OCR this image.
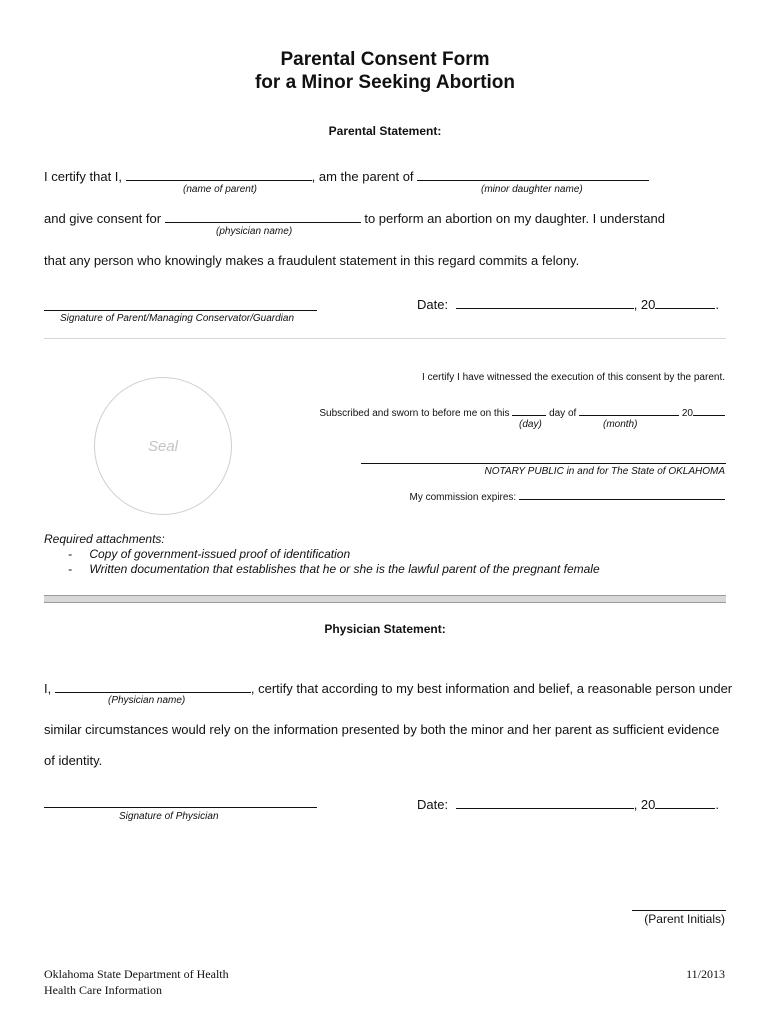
Parental Consent Form
for a Minor Seeking Abortion
Parental Statement:
I certify that I,	, am the parent of
(name of parent)	(minor daughter name)
and give consent for	to perform an abortion on my daughter. I understand
(physician name)
that any person who knowingly makes a fraudulent statement in this regard commits a felony.
Signature of Parent/Managing Conservator/Guardian
Date:	, 20	.
Seal
I certify I have witnessed the execution of this consent by the parent.
Subscribed and sworn to before me on this	day of	20
(day)	(month)
NOTARY PUBLIC in and for The State of OKLAHOMA
My commission expires:
Required attachments:
- Copy of government-issued proof of identification
- Written documentation that establishes that he or she is the lawful parent of the pregnant female
Physician Statement:
I,	, certify that according to my best information and belief, a reasonable person under
(Physician name)
similar circumstances would rely on the information presented by both the minor and her parent as sufficient evidence
of identity.
Signature of Physician
Date:	, 20	.
(Parent Initials)
Oklahoma State Department of Health
Health Care Information
11/2013
